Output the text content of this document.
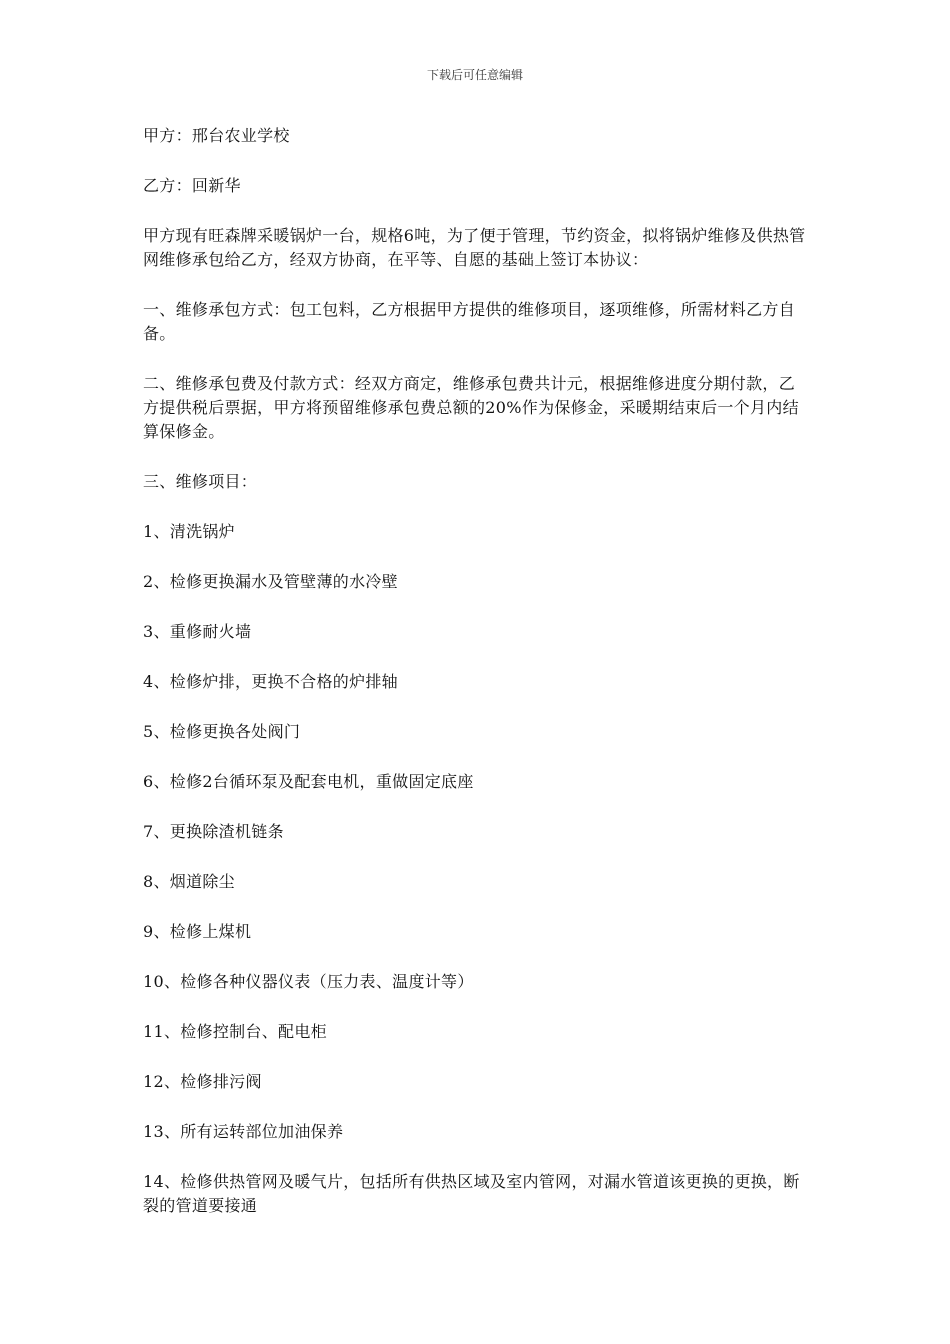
下载后可任意编辑

甲方：邢台农业学校

乙方：回新华

甲方现有旺森牌采暖锅炉一台，规格6吨，为了便于管理，节约资金，拟将锅炉维修及供热管网维修承包给乙方，经双方协商，在平等、自愿的基础上签订本协议：

一、维修承包方式：包工包料，乙方根据甲方提供的维修项目，逐项维修，所需材料乙方自备。

二、维修承包费及付款方式：经双方商定，维修承包费共计元，根据维修进度分期付款，乙方提供税后票据，甲方将预留维修承包费总额的20%作为保修金，采暖期结束后一个月内结算保修金。

三、维修项目：

1、清洗锅炉

2、检修更换漏水及管壁薄的水冷壁

3、重修耐火墙

4、检修炉排，更换不合格的炉排轴

5、检修更换各处阀门

6、检修2台循环泵及配套电机，重做固定底座

7、更换除渣机链条

8、烟道除尘

9、检修上煤机

10、检修各种仪器仪表（压力表、温度计等）

11、检修控制台、配电柜

12、检修排污阀

13、所有运转部位加油保养

14、检修供热管网及暖气片，包括所有供热区域及室内管网，对漏水管道该更换的更换，断裂的管道要接通
